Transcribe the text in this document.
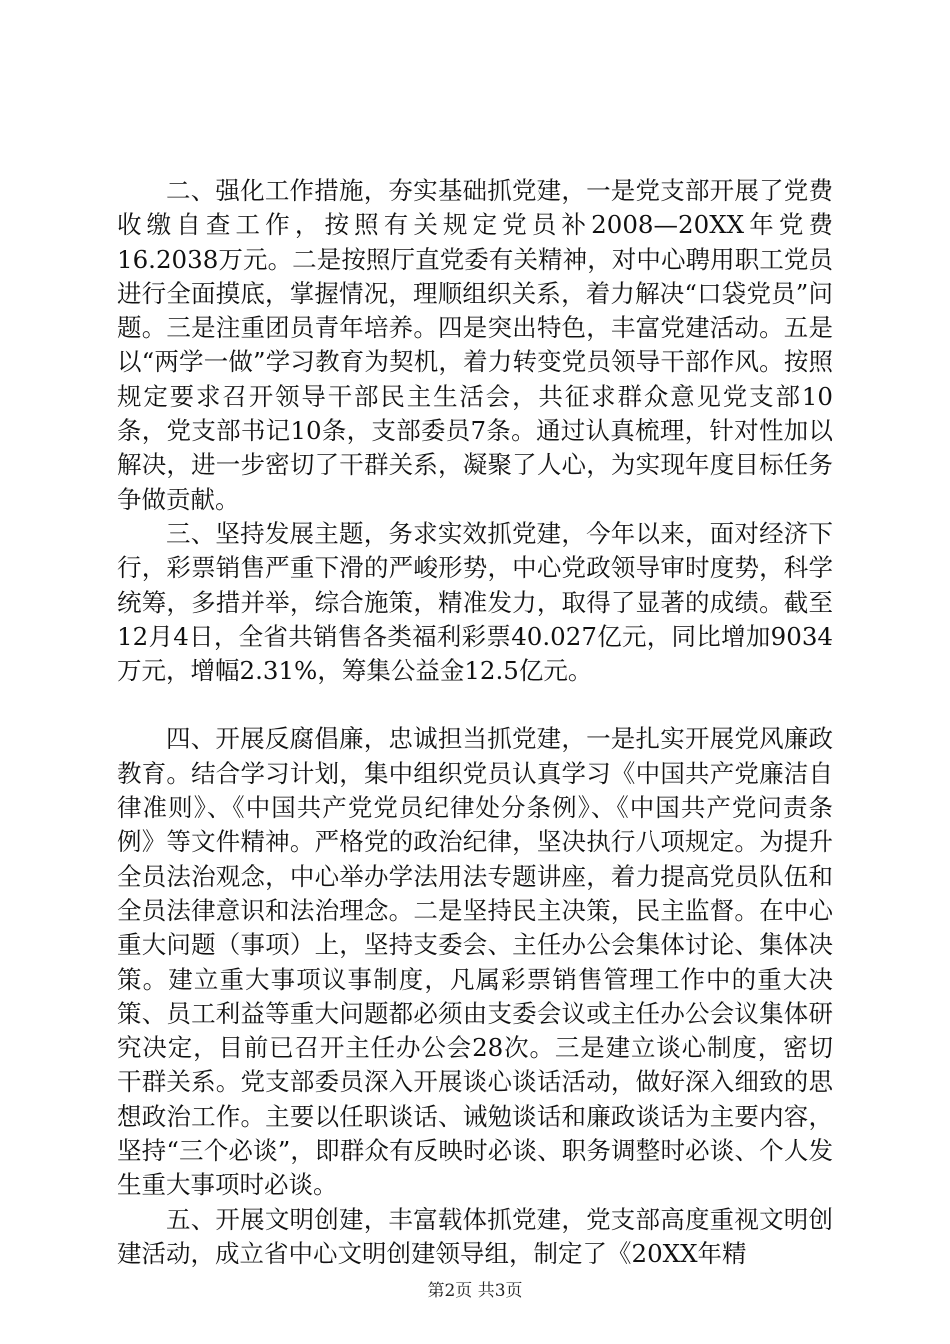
二、强化工作措施，夯实基础抓党建，一是党支部开展了党费收缴自查工作，按照有关规定党员补2008—20XX年党费16.2038万元。二是按照厅直党委有关精神，对中心聘用职工党员进行全面摸底，掌握情况，理顺组织关系，着力解决“口袋党员”问题。三是注重团员青年培养。四是突出特色，丰富党建活动。五是以“两学一做”学习教育为契机，着力转变党员领导干部作风。按照规定要求召开领导干部民主生活会，共征求群众意见党支部10条，党支部书记10条，支部委员7条。通过认真梳理，针对性加以解决，进一步密切了干群关系，凝聚了人心，为实现年度目标任务争做贡献。

三、坚持发展主题，务求实效抓党建，今年以来，面对经济下行，彩票销售严重下滑的严峻形势，中心党政领导审时度势，科学统筹，多措并举，综合施策，精准发力，取得了显著的成绩。截至12月4日，全省共销售各类福利彩票40.027亿元，同比增加9034万元，增幅2.31%，筹集公益金12.5亿元。

四、开展反腐倡廉，忠诚担当抓党建，一是扎实开展党风廉政教育。结合学习计划，集中组织党员认真学习《中国共产党廉洁自律准则》、《中国共产党党员纪律处分条例》、《中国共产党问责条例》等文件精神。严格党的政治纪律，坚决执行八项规定。为提升全员法治观念，中心举办学法用法专题讲座，着力提高党员队伍和全员法律意识和法治理念。二是坚持民主决策，民主监督。在中心重大问题（事项）上，坚持支委会、主任办公会集体讨论、集体决策。建立重大事项议事制度，凡属彩票销售管理工作中的重大决策、员工利益等重大问题都必须由支委会议或主任办公会议集体研究决定，目前已召开主任办公会28次。三是建立谈心制度，密切干群关系。党支部委员深入开展谈心谈话活动，做好深入细致的思想政治工作。主要以任职谈话、诫勉谈话和廉政谈话为主要内容，坚持“三个必谈”，即群众有反映时必谈、职务调整时必谈、个人发生重大事项时必谈。

五、开展文明创建，丰富载体抓党建，党支部高度重视文明创建活动，成立省中心文明创建领导组，制定了《20XX年精

第2页 共3页
